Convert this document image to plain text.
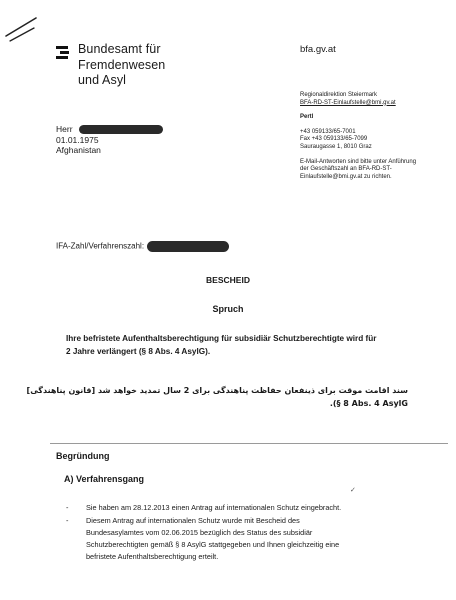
Bundesamt für
Fremdenwesen
und Asyl
bfa.gv.at
Regionaldirektion Steiermark
BFA-RD-ST-Einlaufstelle@bmi.gv.at
Pertl
+43 059133/65-7001
Fax +43 059133/65-7099
Sauraugasse 1, 8010 Graz
E-Mail-Antworten sind bitte unter Anführung
der Geschäftszahl an BFA-RD-ST-
Einlaufstelle@bmi.gv.at zu richten.
Herr
01.01.1975
Afghanistan
IFA-Zahl/Verfahrenszahl:
BESCHEID
Spruch
Ihre befristete Aufenthaltsberechtigung für subsidiär Schutzberechtigte wird für
2 Jahre verlängert (§ 8 Abs. 4 AsylG).
سند اقامت موقت برای ذینفعان حفاظت پناهندگی برای 2 سال تمدید خواهد شد [قانون پناهندگی]
.(§ 8 Abs. 4 AsylG
Begründung
A) Verfahrensgang
✓
- Sie haben am 28.12.2013 einen Antrag auf internationalen Schutz eingebracht.
- Diesem Antrag auf internationalen Schutz wurde mit Bescheid des
Bundesasylamtes vom 02.06.2015 bezüglich des Status des subsidiär
Schutzberechtigten gemäß § 8 AsylG stattgegeben und Ihnen gleichzeitig eine
befristete Aufenthaltsberechtigung erteilt.
